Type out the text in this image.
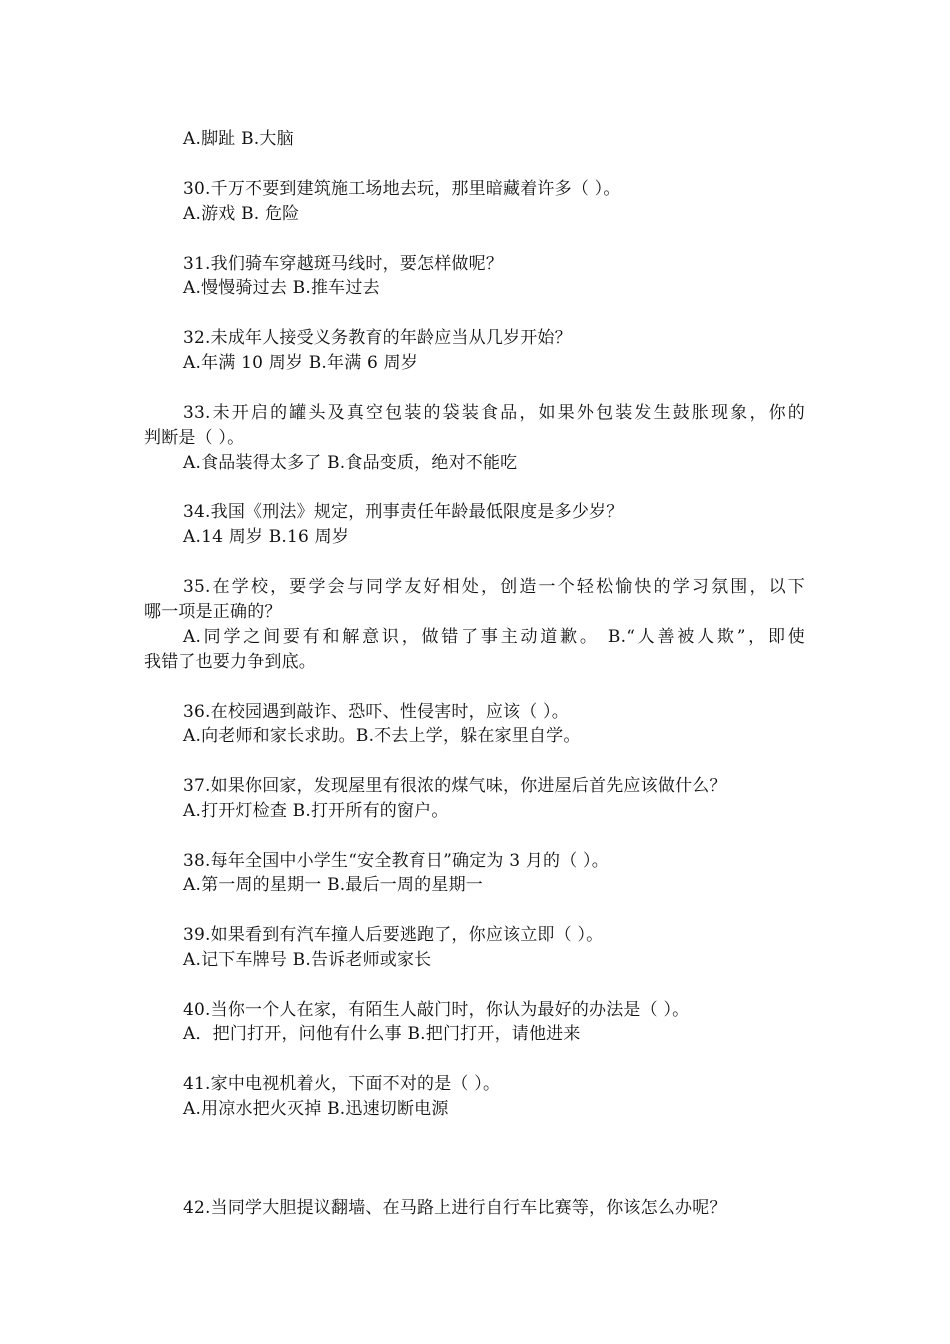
A.脚趾 B.大脑
30.千万不要到建筑施工场地去玩，那里暗藏着许多（ ）。
A.游戏 B. 危险
31.我们骑车穿越斑马线时，要怎样做呢？
A.慢慢骑过去 B.推车过去
32.未成年人接受义务教育的年龄应当从几岁开始？
A.年满 10 周岁 B.年满 6 周岁
33.未开启的罐头及真空包装的袋装食品，如果外包装发生鼓胀现象，你的
判断是（ ）。
A.食品装得太多了 B.食品变质，绝对不能吃
34.我国《刑法》规定，刑事责任年龄最低限度是多少岁？
A.14 周岁 B.16 周岁
35.在学校，要学会与同学友好相处，创造一个轻松愉快的学习氛围，以下
哪一项是正确的？
A.同学之间要有和解意识，做错了事主动道歉。 B.“人善被人欺”，即使
我错了也要力争到底。
36.在校园遇到敲诈、恐吓、性侵害时，应该（ ）。
A.向老师和家长求助。B.不去上学，躲在家里自学。
37.如果你回家，发现屋里有很浓的煤气味，你进屋后首先应该做什么？
A.打开灯检查 B.打开所有的窗户。
38.每年全国中小学生“安全教育日”确定为 3 月的（ ）。
A.第一周的星期一 B.最后一周的星期一
39.如果看到有汽车撞人后要逃跑了，你应该立即（ ）。
A.记下车牌号 B.告诉老师或家长
40.当你一个人在家，有陌生人敲门时，你认为最好的办法是（ ）。
A．把门打开，问他有什么事 B.把门打开，请他进来
41.家中电视机着火，下面不对的是（ ）。
A.用凉水把火灭掉 B.迅速切断电源
42.当同学大胆提议翻墙、在马路上进行自行车比赛等，你该怎么办呢？
